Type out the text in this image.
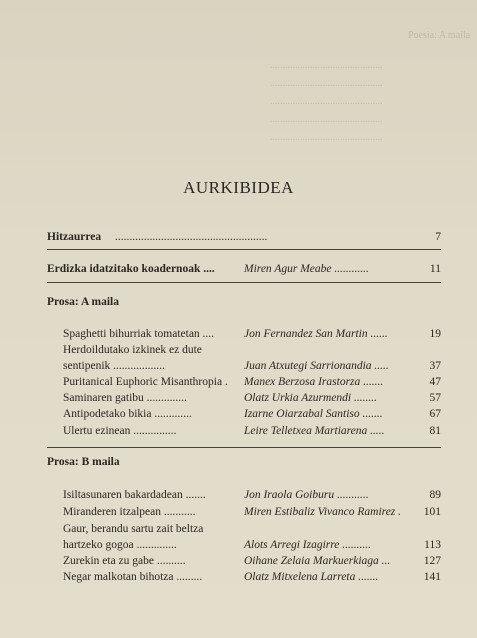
Poesia: A maila
.............................................
.............................................
.............................................
.............................................
.............................................
AURKIBIDEA
Hitzaurrea .....................................................	7
Erdizka idatzitako koadernoak ....	Miren Agur Meabe ............	11
Prosa: A maila
Spaghetti bihurriak tomatetan ....	Jon Fernandez San Martin ......	19
Herdoildutako izkinek ez dute
sentipenik ..................	Juan Atxutegi Sarrionandia .....	37
Puritanical Euphoric Misanthropia . Manex Berzosa Irastorza .......	47
Saminaren gatibu ..............	Olatz Urkia Azurmendi ........	57
Antipodetako bikia .............	Izarne Oiarzabal Santiso .......	67
Ulertu ezinean ...............	Leire Telletxea Martiarena .....	81
Prosa: B maila
Isiltasunaren bakardadean .......	Jon Iraola Goiburu ...........	89
Miranderen itzalpean ...........	Miren Estibaliz Vivanco Ramirez . 101
Gaur, berandu sartu zait beltza
hartzeko gogoa ..............	Alots Arregi Izagirre ..........	113
Zurekin eta zu gabe ..........	Oihane Zelaia Markuerkiaga ...	127
Negar malkotan bihotza .........	Olatz Mitxelena Larreta .......	141
